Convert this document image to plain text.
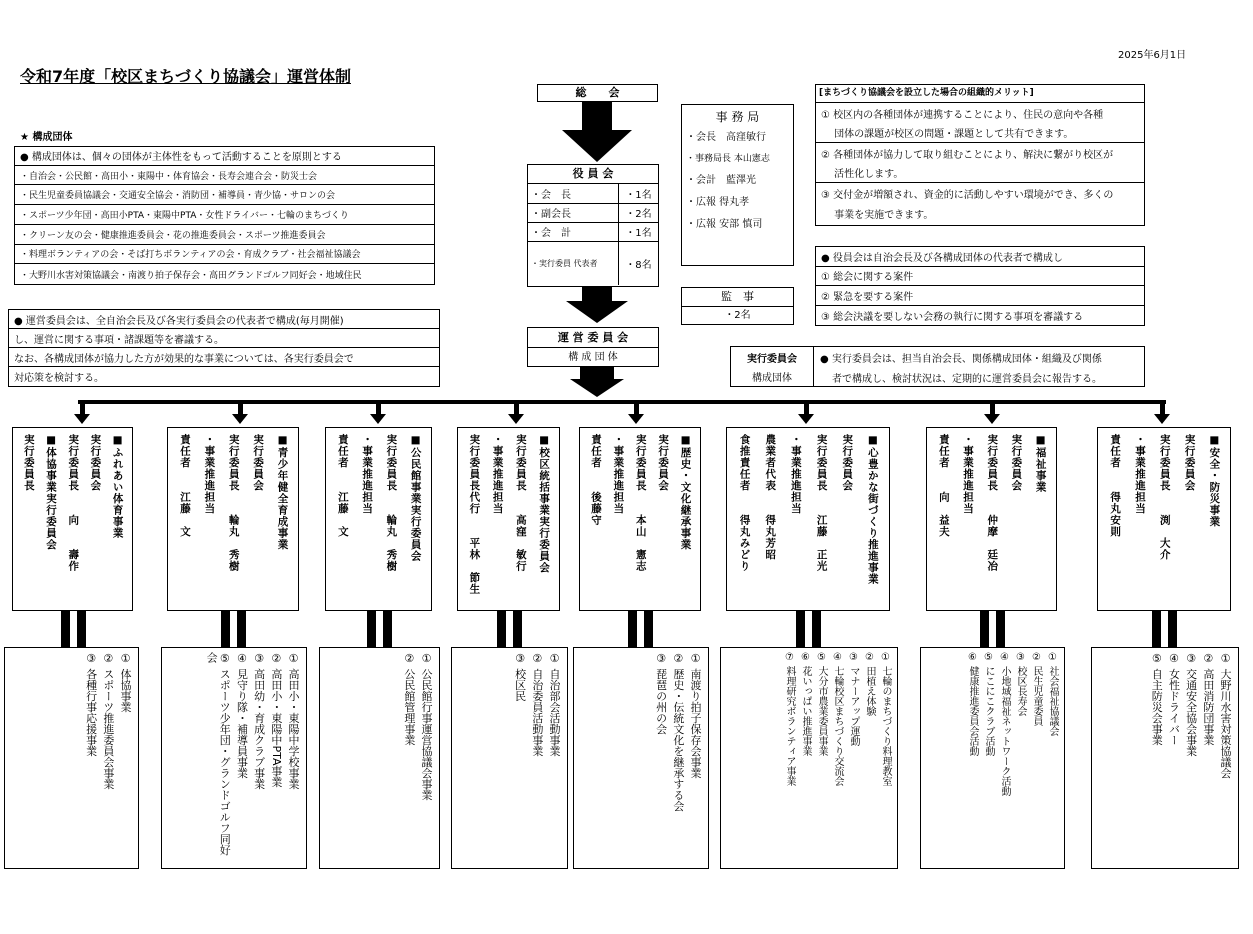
2025年6月1日
令和7年度「校区まちづくり協議会」運営体制
★ 構成団体
● 構成団体は、個々の団体が主体性をもって活動することを原則とする
・自治会・公民館・高田小・東陽中・体育協会・長寿会連合会・防災士会
・民生児童委員協議会・交通安全協会・消防団・補導員・青少協・サロンの会
・スポーツ少年団・高田小PTA・東陽中PTA・女性ドライバー・七輪のまちづくり
・クリーン友の会・健康推進委員会・花の推進委員会・スポーツ推進委員会
・料理ボランティアの会・そば打ちボランティアの会・育成クラブ・社会福祉協議会
・大野川水害対策協議会・南渡り拍子保存会・高田グランドゴルフ同好会・地域住民
● 運営委員会は、全自治会長及び各実行委員会の代表者で構成(毎月開催)
し、運営に関する事項・諸課題等を審議する。
なお、各構成団体が協力した方が効果的な事業については、各実行委員会で
対応策を検討する。
総　　会
役 員 会
・会　長	・1名
・副会長	・2名
・会　計	・1名
・実行委員 代表者	・8名
事 務 局
・会長　高窪敏行
・事務局長 本山憲志
・会計　藍澤光
・広報 得丸孝
・広報 安部 慎司
監　事
・2名
運 営 委 員 会
構 成 団 体
[まちづくり協議会を設立した場合の組織的メリット]
① 校区内の各種団体が連携することにより、住民の意向や各種
　 団体の課題が校区の問題・課題として共有できます。
② 各種団体が協力して取り組むことにより、解決に繋がり校区が
　 活性化します。
③ 交付金が増額され、資金的に活動しやすい環境ができ、多くの
　 事業を実施できます。
● 役員会は自治会長及び各構成団体の代表者で構成し
① 総会に関する案件
② 緊急を要する案件
③ 総会決議を要しない会務の執行に関する事項を審議する
実行委員会
構成団体
● 実行委員会は、担当自治会長、関係構成団体・組織及び関係
者で構成し、検討状況は、定期的に運営委員会に報告する。
■ふれあい体育事業
実行委員会
実行委員長　　向　　壽作
■体協事業実行委員会
実行委員長
① 体協事業
② スポーツ推進委員会事業
③ 各種行事応援事業
■青少年健全育成事業
実行委員会
実行委員長　　輪丸　秀樹
・事業推進担当
責任者　　江藤　文
① 高田小・東陽中学校事業
② 高田小・東陽中PTA事業
③ 高田幼・育成クラブ事業
④ 見守り隊・補導員事業
⑤ スポーツ少年団・グランドゴルフ同好会
■公民館事業実行委員会
実行委員長　　輪丸　秀樹
・事業推進担当
責任者　　江藤　文
① 公民館行事運営協議会事業
② 公民館管理事業
■校区統括事業実行委員会
実行委員長　　高窪　敏行
・事業推進担当
実行委員長代行　　平林　節生
① 自治部会活動事業
② 自治委員活動事業
③ 校区民
■歴史・文化継承事業
実行委員会
実行委員長　　本山　憲志
・事業推進担当
責任者　　後藤守
① 南渡り拍子保存会事業
② 歴史・伝統文化を継承する会
③ 琵琶の州の会
■心豊かな街づくり推進事業
実行委員会
実行委員長　　江藤　正光
・事業推進担当
農業者代表　　得丸芳昭
食推責任者　　得丸みどり
① 七輪のまちづくり料理教室
② 田植え体験
③ マナーアップ運動
④ 七輪校区まちづくり交流会
⑤ 大分市農業委員事業
⑥ 花いっぱい推進事業
⑦ 料理研究ボランティア事業
■福祉事業
実行委員会
実行委員長　　仲摩　廷冶
・事業推進担当
責任者　　向　益夫
① 社会福祉協議会
② 民生児童委員
③ 校区長寿会
④ 小地域福祉ネットワーク活動
⑤ にこにこクラブ活動
⑥ 健康推進委員会活動
■安全・防災事業
実行委員会
実行委員長　　渕　大介
・事業推進担当
責任者　　得丸安則
① 大野川水害対策協議会
② 高田消防団事業
③ 交通安全協会事業
④ 女性ドライバー
⑤ 自主防災会事業
